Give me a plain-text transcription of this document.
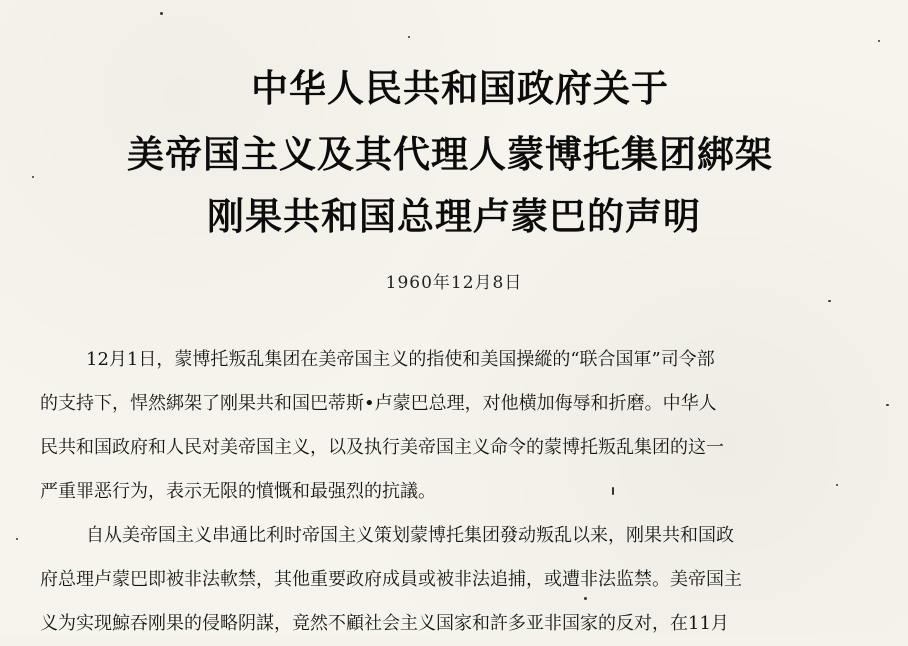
中华人民共和国政府关于
美帝国主义及其代理人蒙博托集团綁架
刚果共和国总理卢蒙巴的声明
1960年12月8日
12月1日，蒙博托叛乱集团在美帝国主义的指使和美国操縱的“联合国軍”司令部
的支持下，悍然綁架了刚果共和国巴蒂斯•卢蒙巴总理，对他横加侮辱和折磨。中华人
民共和国政府和人民对美帝国主义，以及执行美帝国主义命令的蒙博托叛乱集团的这一
严重罪恶行为，表示无限的憤慨和最强烈的抗議。
自从美帝国主义串通比利时帝国主义策划蒙博托集团發动叛乱以来，刚果共和国政
府总理卢蒙巴即被非法軟禁，其他重要政府成員或被非法追捕，或遭非法监禁。美帝国主
义为实现鯨吞刚果的侵略阴謀，竟然不顧社会主义国家和許多亚非国家的反对，在11月
